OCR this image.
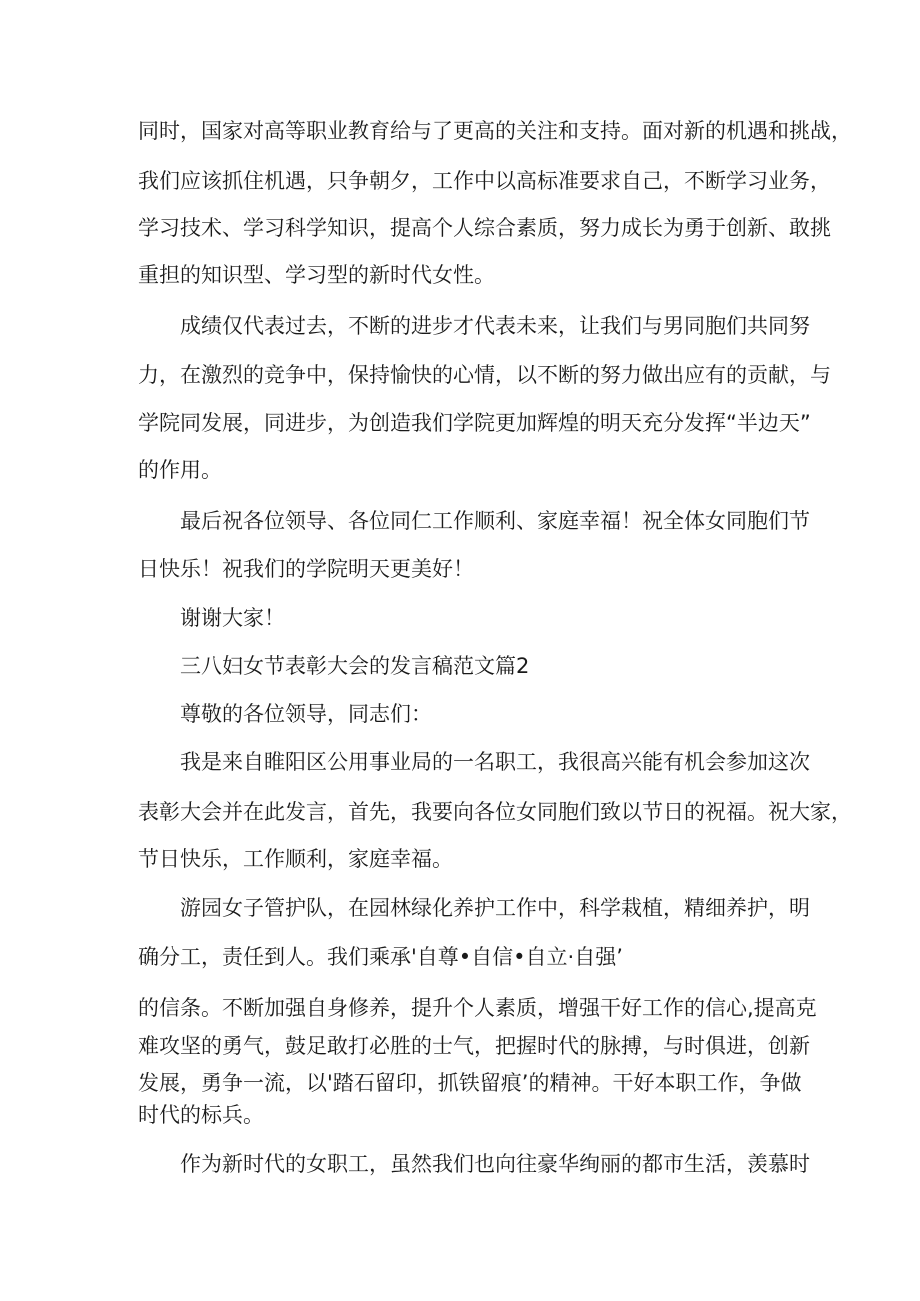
同时，国家对高等职业教育给与了更高的关注和支持。面对新的机遇和挑战，
我们应该抓住机遇，只争朝夕，工作中以高标准要求自己，不断学习业务，
学习技术、学习科学知识，提高个人综合素质，努力成长为勇于创新、敢挑
重担的知识型、学习型的新时代女性。
成绩仅代表过去，不断的进步才代表未来，让我们与男同胞们共同努
力，在激烈的竞争中，保持愉快的心情，以不断的努力做出应有的贡献，与
学院同发展，同进步，为创造我们学院更加辉煌的明天充分发挥“半边天”
的作用。
最后祝各位领导、各位同仁工作顺利、家庭幸福！祝全体女同胞们节
日快乐！祝我们的学院明天更美好！
谢谢大家！
三八妇女节表彰大会的发言稿范文篇2
尊敬的各位领导，同志们：
我是来自睢阳区公用事业局的一名职工，我很高兴能有机会参加这次
表彰大会并在此发言，首先，我要向各位女同胞们致以节日的祝福。祝大家，
节日快乐，工作顺利，家庭幸福。
游园女子管护队，在园林绿化养护工作中，科学栽植，精细养护，明
确分工，责任到人。我们乘承'自尊•自信•自立·自强’
的信条。不断加强自身修养，提升个人素质，增强干好工作的信心,提高克
难攻坚的勇气，鼓足敢打必胜的士气，把握时代的脉搏，与时俱进，创新
发展，勇争一流，以'踏石留印，抓铁留痕’的精神。干好本职工作，争做
时代的标兵。
作为新时代的女职工，虽然我们也向往豪华绚丽的都市生活，羡慕时
